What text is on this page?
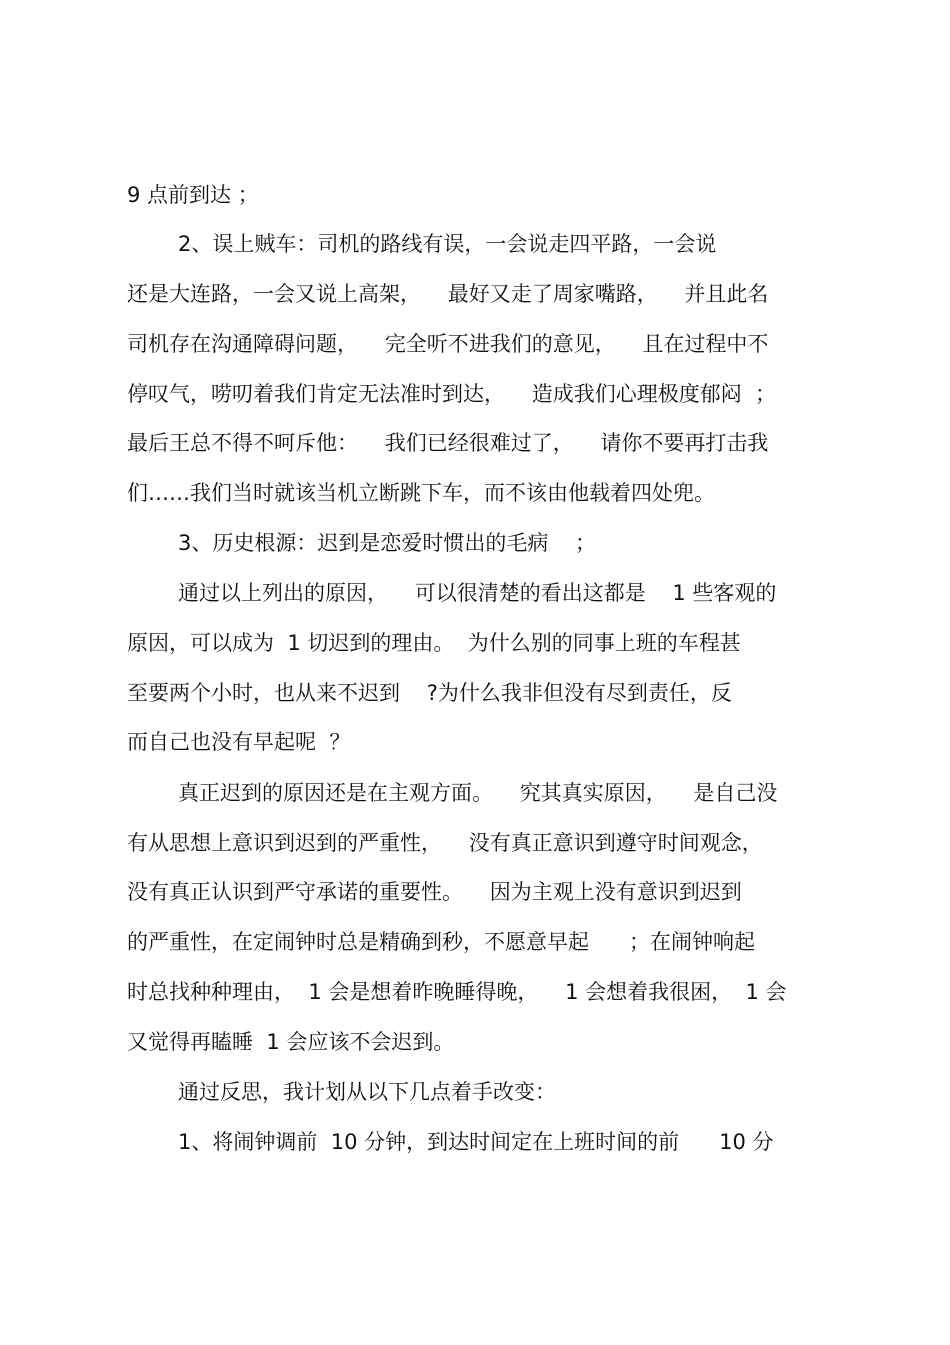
9 点前到达 ；
2、误上贼车：司机的路线有误，一会说走四平路，一会说
还是大连路，一会又说上高架，    最好又走了周家嘴路，    并且此名
司机存在沟通障碍问题，    完全听不进我们的意见，    且在过程中不
停叹气，唠叨着我们肯定无法准时到达，    造成我们心理极度郁闷  ；
最后王总不得不呵斥他：    我们已经很难过了，    请你不要再打击我
们……我们当时就该当机立断跳下车，而不该由他载着四处兜。
3、历史根源：迟到是恋爱时惯出的毛病    ；
通过以上列出的原因，    可以很清楚的看出这都是    1 些客观的
原因，可以成为  1 切迟到的理由。  为什么别的同事上班的车程甚
至要两个小时，也从来不迟到    ?为什么我非但没有尽到责任，反
而自己也没有早起呢  ？
真正迟到的原因还是在主观方面。    究其真实原因，    是自己没
有从思想上意识到迟到的严重性，    没有真正意识到遵守时间观念，
没有真正认识到严守承诺的重要性。    因为主观上没有意识到迟到
的严重性，在定闹钟时总是精确到秒，不愿意早起      ；在闹钟响起
时总找种种理由，  1 会是想着昨晚睡得晚，    1 会想着我很困，  1 会
又觉得再瞌睡  1 会应该不会迟到。
通过反思，我计划从以下几点着手改变：
1、将闹钟调前  10 分钟，到达时间定在上班时间的前      10 分
